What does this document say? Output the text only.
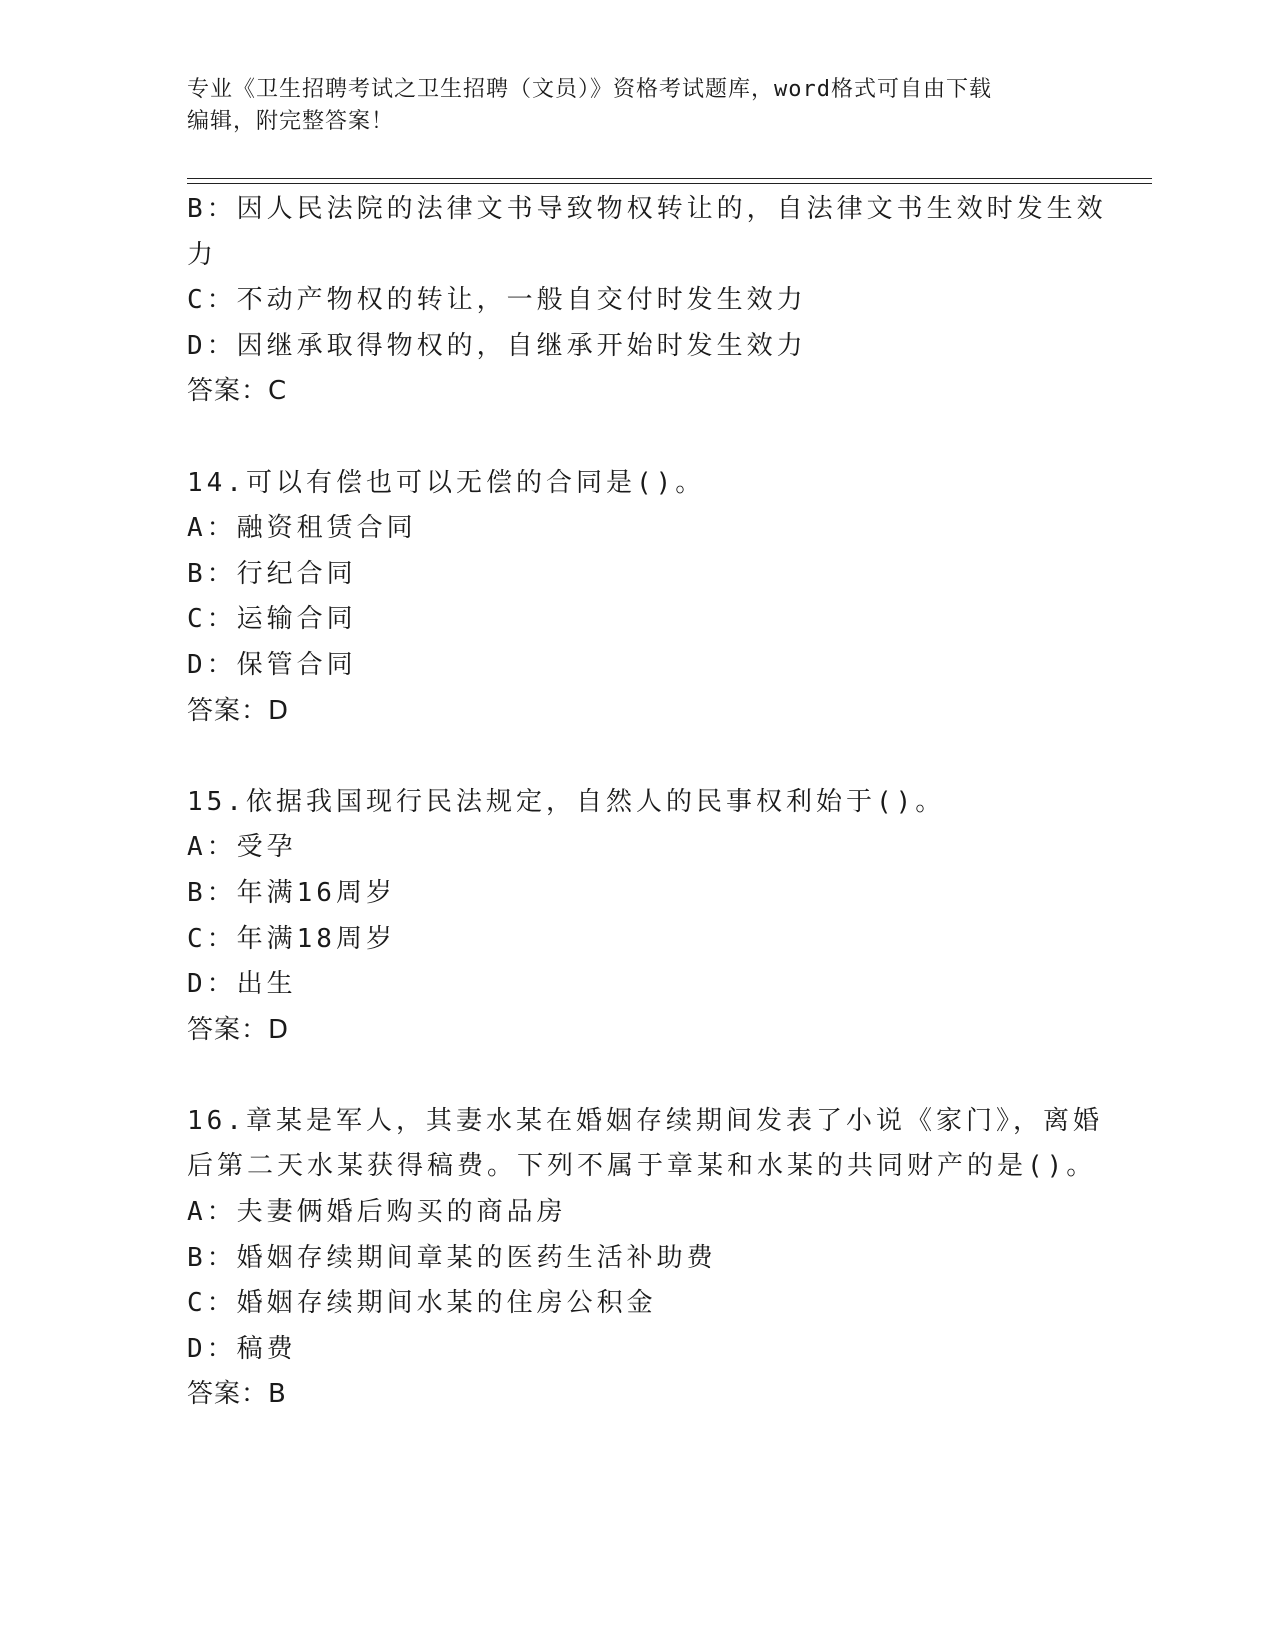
专业《卫生招聘考试之卫生招聘（文员）》资格考试题库，word格式可自由下载
编辑，附完整答案！
B：因人民法院的法律文书导致物权转让的，自法律文书生效时发生效
力
C：不动产物权的转让，一般自交付时发生效力
D：因继承取得物权的，自继承开始时发生效力
答案：C
14.可以有偿也可以无偿的合同是()。
A：融资租赁合同
B：行纪合同
C：运输合同
D：保管合同
答案：D
15.依据我国现行民法规定，自然人的民事权利始于()。
A：受孕
B：年满16周岁
C：年满18周岁
D：出生
答案：D
16.章某是军人，其妻水某在婚姻存续期间发表了小说《家门》，离婚
后第二天水某获得稿费。下列不属于章某和水某的共同财产的是()。
A：夫妻俩婚后购买的商品房
B：婚姻存续期间章某的医药生活补助费
C：婚姻存续期间水某的住房公积金
D：稿费
答案：B
